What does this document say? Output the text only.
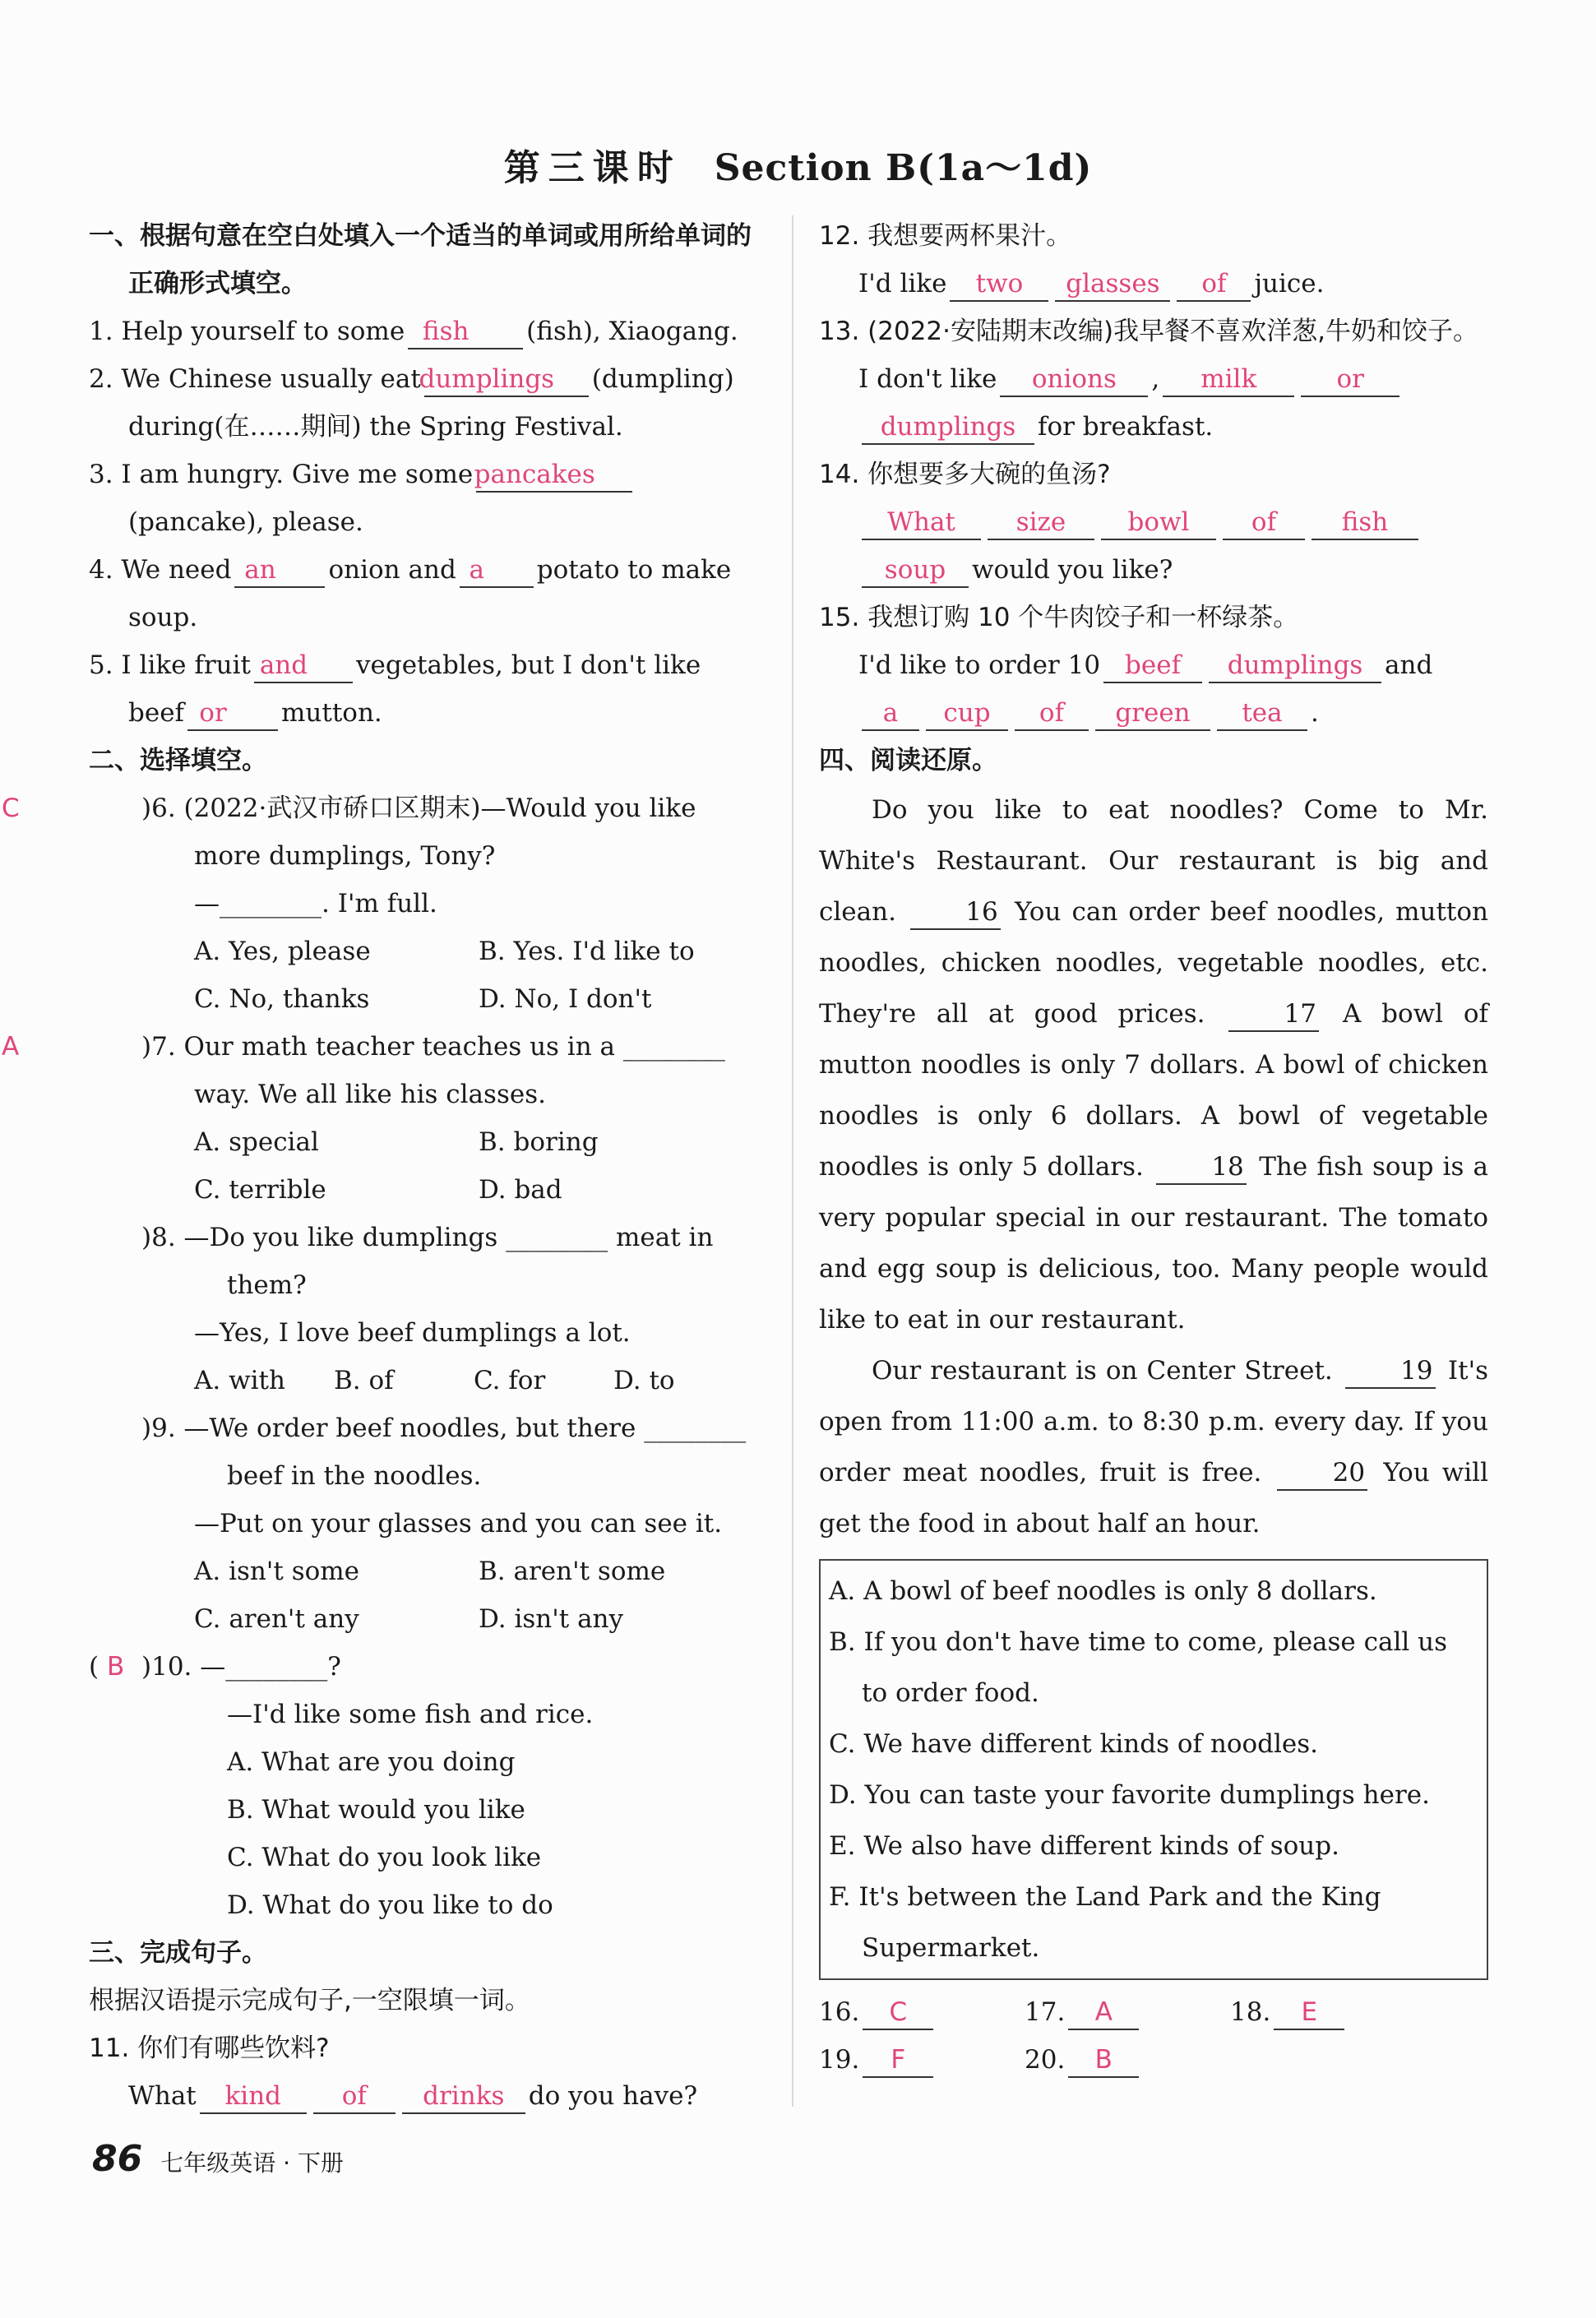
第三课时 Section B(1a～1d)
一、根据句意在空白处填入一个适当的单词或用所给单词的正确形式填空。
1. Help yourself to some fish (fish), Xiaogang.
2. We Chinese usually eatdumplings (dumpling) during(在……期间) the Spring Festival.
3. I am hungry. Give me somepancakes(pancake), please.
4. We need an onion and a potato to make soup.
5. I like fruit and vegetables, but I don't like beef or mutton.
二、选择填空。
C	)6. (2022·武汉市硚口区期末)—Would you like more dumplings, Tony?
—________. I'm full.
A. Yes, please	B. Yes. I'd like to
C. No, thanks	D. No, I don't
A	)7. Our math teacher teaches us in a ________ way. We all like his classes.
A. special	B. boring
C. terrible	D. bad
)8. —Do you like dumplings ________ meat in them?
—Yes, I love beef dumplings a lot.
A. with	B. of	C. for	D. to
)9. —We order beef noodles, but there ________ beef in the noodles.
—Put on your glasses and you can see it.
A. isn't some	B. aren't some
C. aren't any	D. isn't any
( B )10. —________?
—I'd like some fish and rice.
A. What are you doing
B. What would you like
C. What do you look like
D. What do you like to do
三、完成句子。
根据汉语提示完成句子,一空限填一词。
11. 你们有哪些饮料?
What kind of drinks do you have?
12. 我想要两杯果汁。
I'd like two glasses of juice.
13. (2022·安陆期末改编)我早餐不喜欢洋葱,牛奶和饺子。
I don't like onions , milk	or
dumplings for breakfast.
14. 你想要多大碗的鱼汤?
What size bowl of	fish
soup would you like?
15. 我想订购 10 个牛肉饺子和一杯绿茶。
I'd like to order 10 beef dumplings and
a cup of green tea .
四、阅读还原。
Do you like to eat noodles? Come to Mr. White's Restaurant. Our restaurant is big and clean.	16 You can order beef noodles, mutton noodles, chicken noodles, vegetable noodles, etc. They're all at good prices.	17 A bowl of mutton noodles is only 7 dollars. A bowl of chicken noodles is only 6 dollars. A bowl of vegetable noodles is only 5 dollars.	18 The fish soup is a very popular special in our restaurant. The tomato and egg soup is delicious, too. Many people would like to eat in our restaurant.
Our restaurant is on Center Street.	19 It's open from 11:00 a.m. to 8:30 p.m. every day. If you order meat noodles, fruit is free.	20 You will get the food in about half an hour.
A. A bowl of beef noodles is only 8 dollars.
B. If you don't have time to come, please call us to order food.
C. We have different kinds of noodles.
D. You can taste your favorite dumplings here.
E. We also have different kinds of soup.
F. It's between the Land Park and the King Supermarket.
16. C	17. A	18. E
19. F	20. B
86 七年级英语 · 下册
